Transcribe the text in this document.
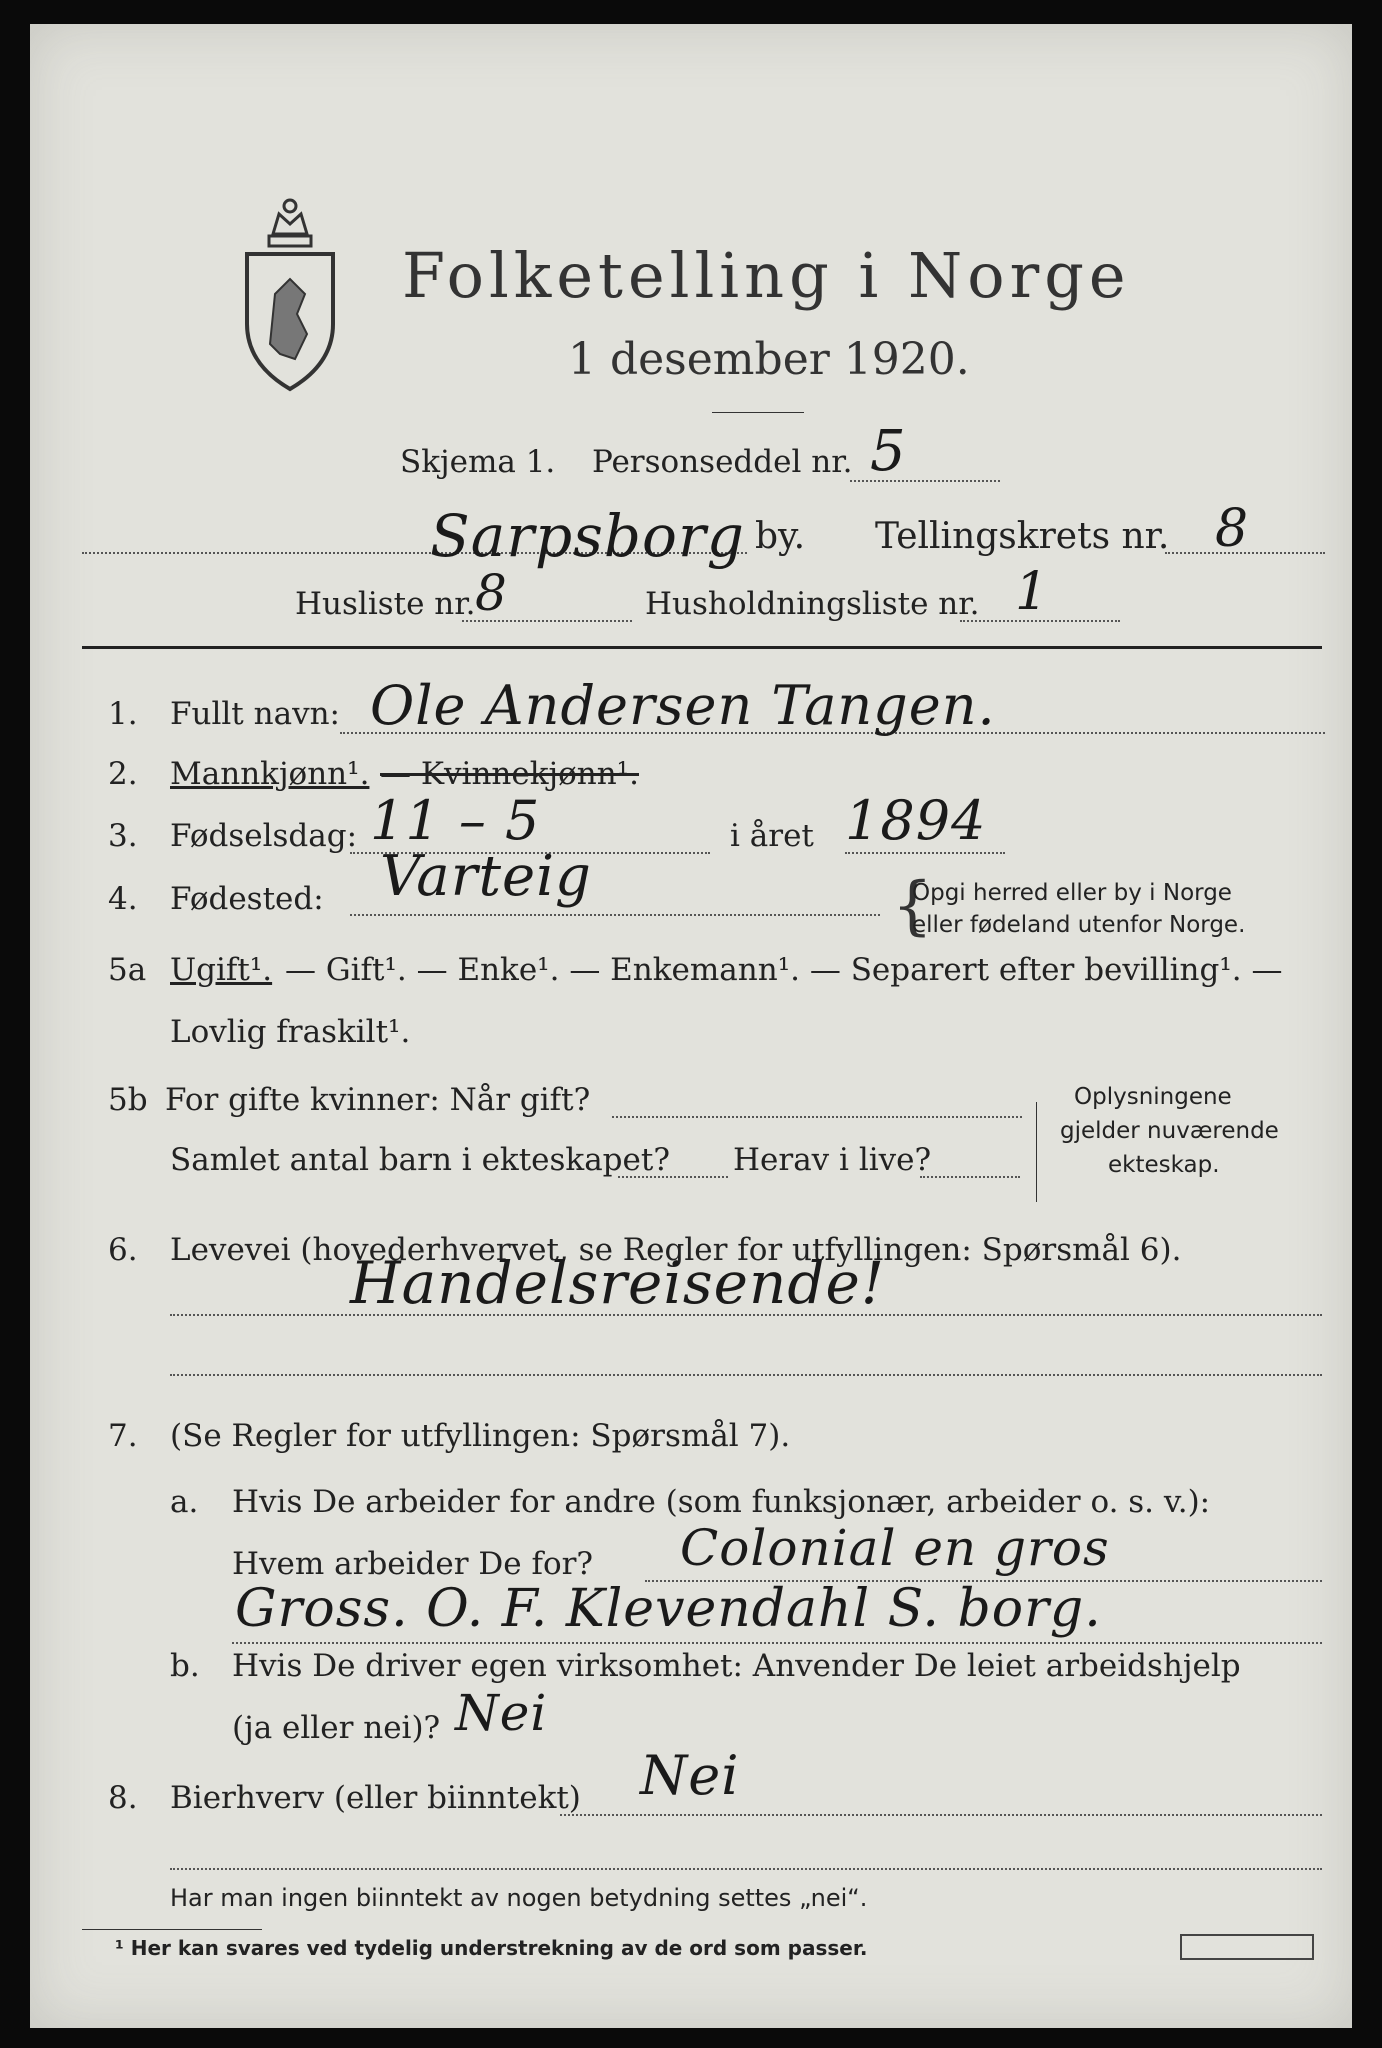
Folketelling i Norge
1 desember 1920.
Skjema 1. Personseddel nr. 5
Sarpsborg by. Tellingskrets nr. 8
Husliste nr. 8	Husholdningsliste nr. 1
1. Fullt navn: Ole Andersen Tangen.
2. Mannkjønn¹. — Kvinnekjønn¹.
3. Fødselsdag: 11 – 5	i året 1894
4. Fødested: Varteig	{
Opgi herred eller by i Norge
eller fødeland utenfor Norge.
5a Ugift¹. — Gift¹. — Enke¹. — Enkemann¹. — Separert efter bevilling¹. —
Lovlig fraskilt¹.
5b For gifte kvinner: Når gift?
Samlet antal barn i ekteskapet? Herav i live?
Oplysningene
gjelder nuværende
ekteskap.
6. Levevei (hovederhvervet, se Regler for utfyllingen: Spørsmål 6).
Handelsreisende!
7. (Se Regler for utfyllingen: Spørsmål 7).
a. Hvis De arbeider for andre (som funksjonær, arbeider o. s. v.):
Hvem arbeider De for? Colonial en gros
Gross. O. F. Klevendahl S. borg.
b. Hvis De driver egen virksomhet: Anvender De leiet arbeidshjelp
(ja eller nei)? Nei
8. Bierhverv (eller biinntekt) Nei
Har man ingen biinntekt av nogen betydning settes „nei“.
¹ Her kan svares ved tydelig understrekning av de ord som passer.
